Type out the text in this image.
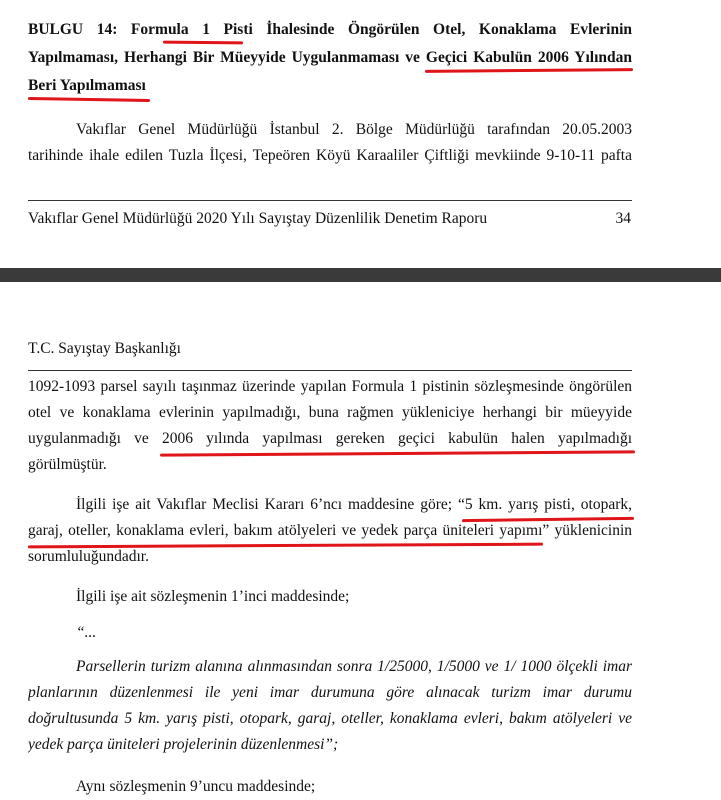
BULGU 14: Formula 1 Pisti İhalesinde Öngörülen Otel, Konaklama Evlerinin
Yapılmaması, Herhangi Bir Müeyyide Uygulanmaması ve Geçici Kabulün 2006 Yılından
Beri Yapılmaması
Vakıflar Genel Müdürlüğü İstanbul 2. Bölge Müdürlüğü tarafından 20.05.2003
tarihinde ihale edilen Tuzla İlçesi, Tepeören Köyü Karaaliler Çiftliği mevkiinde 9-10-11 pafta
Vakıflar Genel Müdürlüğü 2020 Yılı Sayıştay Düzenlilik Denetim Raporu	34
T.C. Sayıştay Başkanlığı
1092-1093 parsel sayılı taşınmaz üzerinde yapılan Formula 1 pistinin sözleşmesinde öngörülen
otel ve konaklama evlerinin yapılmadığı, buna rağmen yükleniciye herhangi bir müeyyide
uygulanmadığı ve 2006 yılında yapılması gereken geçici kabulün halen yapılmadığı
görülmüştür.
İlgili işe ait Vakıflar Meclisi Kararı 6’ncı maddesine göre; “5 km. yarış pisti, otopark,
garaj, oteller, konaklama evleri, bakım atölyeleri ve yedek parça üniteleri yapımı” yüklenicinin
sorumluluğundadır.
İlgili işe ait sözleşmenin 1’inci maddesinde;
“...
Parsellerin turizm alanına alınmasından sonra 1/25000, 1/5000 ve 1/ 1000 ölçekli imar
planlarının düzenlenmesi ile yeni imar durumuna göre alınacak turizm imar durumu
doğrultusunda 5 km. yarış pisti, otopark, garaj, oteller, konaklama evleri, bakım atölyeleri ve
yedek parça üniteleri projelerinin düzenlenmesi”;
Aynı sözleşmenin 9’uncu maddesinde;
